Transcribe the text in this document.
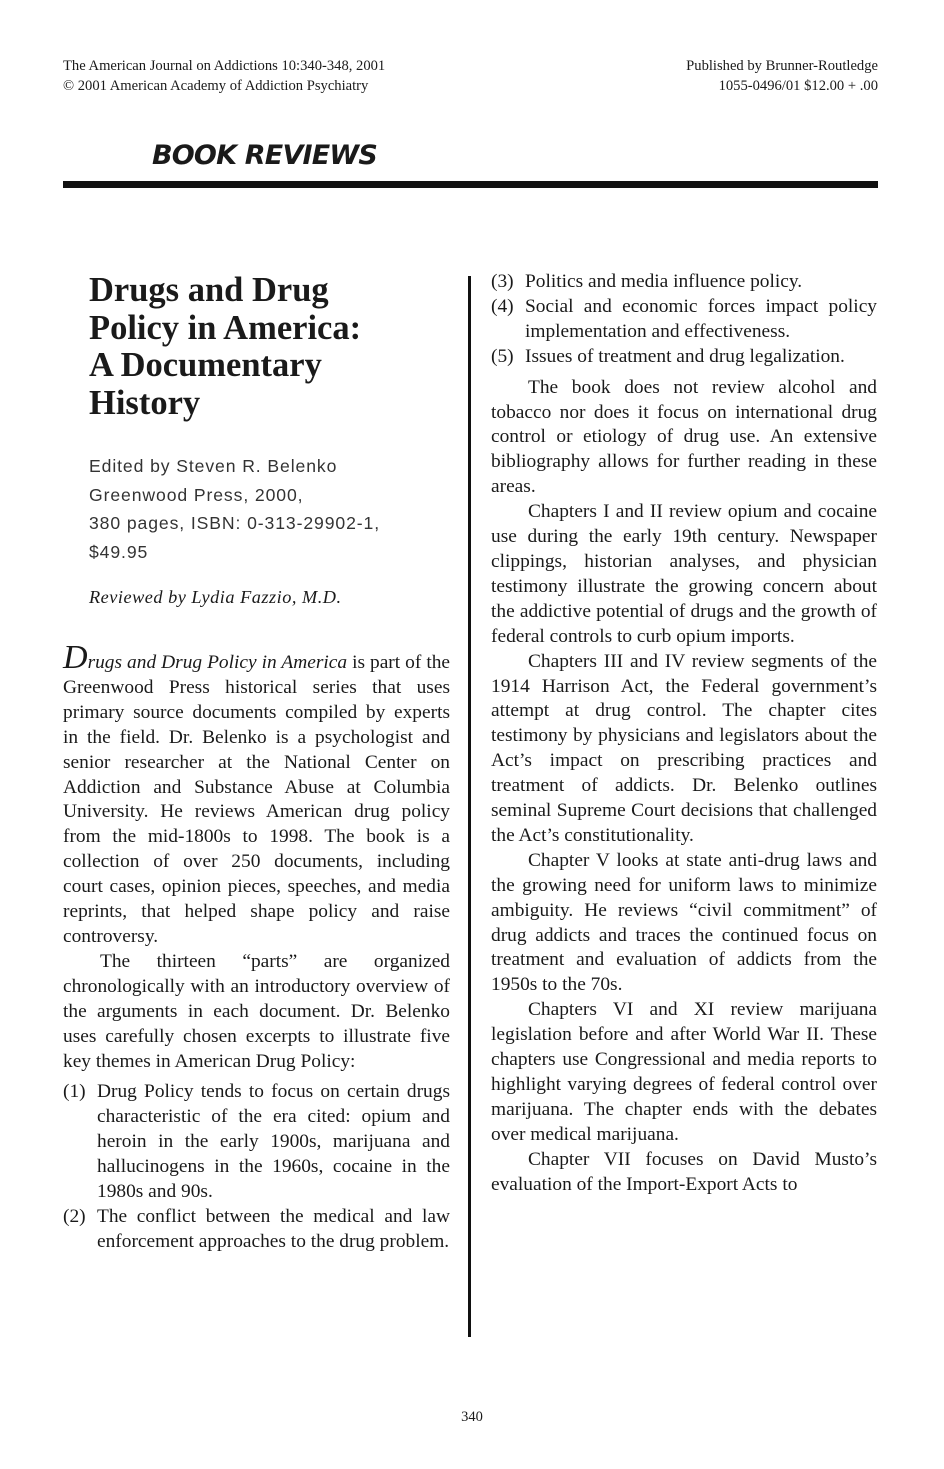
The American Journal on Addictions 10:340-348, 2001
© 2001 American Academy of Addiction Psychiatry
Published by Brunner-Routledge
1055-0496/01 $12.00 + .00
BOOK REVIEWS
Drugs and Drug
Policy in America:
A Documentary
History
Edited by Steven R. Belenko
Greenwood Press, 2000,
380 pages, ISBN: 0-313-29902-1,
$49.95
Reviewed by Lydia Fazzio, M.D.

Drugs and Drug Policy in America is part of the Greenwood Press historical series that uses primary source documents compiled by experts in the field. Dr. Belenko is a psychologist and senior researcher at the National Center on Addiction and Substance Abuse at Columbia University. He reviews American drug policy from the mid-1800s to 1998. The book is a collection of over 250 documents, including court cases, opinion pieces, speeches, and media reprints, that helped shape policy and raise controversy.

The thirteen “parts” are organized chronologically with an introductory overview of the arguments in each document. Dr. Belenko uses carefully chosen excerpts to illustrate five key themes in American Drug Policy:

(1) Drug Policy tends to focus on certain drugs characteristic of the era cited: opium and heroin in the early 1900s, marijuana and hallucinogens in the 1960s, cocaine in the 1980s and 90s.
(2) The conflict between the medical and law enforcement approaches to the drug problem.
(3) Politics and media influence policy.
(4) Social and economic forces impact policy implementation and effectiveness.
(5) Issues of treatment and drug legalization.

The book does not review alcohol and tobacco nor does it focus on international drug control or etiology of drug use. An extensive bibliography allows for further reading in these areas.

Chapters I and II review opium and cocaine use during the early 19th century. Newspaper clippings, historian analyses, and physician testimony illustrate the growing concern about the addictive potential of drugs and the growth of federal controls to curb opium imports.

Chapters III and IV review segments of the 1914 Harrison Act, the Federal government’s attempt at drug control. The chapter cites testimony by physicians and legislators about the Act’s impact on prescribing practices and treatment of addicts. Dr. Belenko outlines seminal Supreme Court decisions that challenged the Act’s constitutionality.

Chapter V looks at state anti-drug laws and the growing need for uniform laws to minimize ambiguity. He reviews “civil commitment” of drug addicts and traces the continued focus on treatment and evaluation of addicts from the 1950s to the 70s.

Chapters VI and XI review marijuana legislation before and after World War II. These chapters use Congressional and media reports to highlight varying degrees of federal control over marijuana. The chapter ends with the debates over medical marijuana.

Chapter VII focuses on David Musto’s evaluation of the Import-Export Acts to

340
